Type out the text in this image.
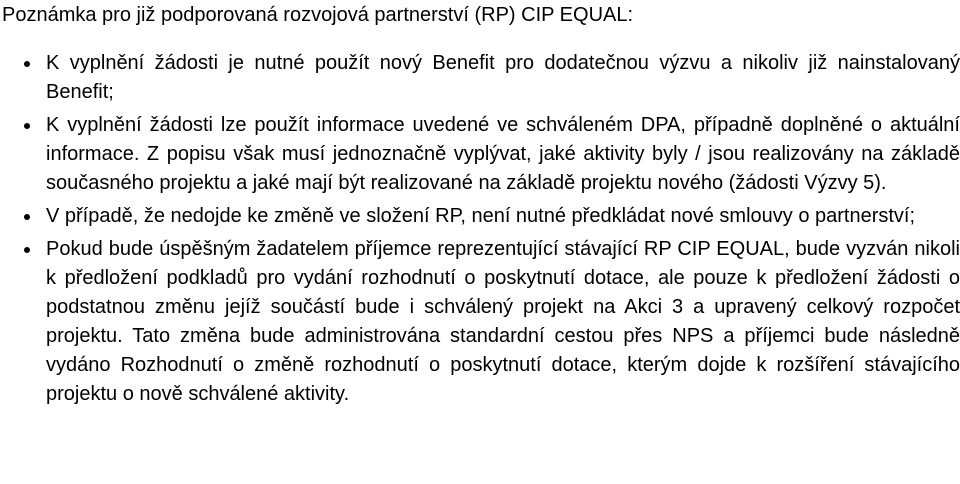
Poznámka pro již podporovaná rozvojová partnerství (RP) CIP EQUAL:

K vyplnění žádosti je nutné použít nový Benefit pro dodatečnou výzvu a nikoliv již nainstalovaný Benefit;
K vyplnění žádosti lze použít informace uvedené ve schváleném DPA, případně doplněné o aktuální informace. Z popisu však musí jednoznačně vyplývat, jaké aktivity byly / jsou realizovány na základě současného projektu a jaké mají být realizované na základě projektu nového (žádosti Výzvy 5).
V případě, že nedojde ke změně ve složení RP, není nutné předkládat nové smlouvy o partnerství;
Pokud bude úspěšným žadatelem příjemce reprezentující stávající RP CIP EQUAL, bude vyzván nikoli k předložení podkladů pro vydání rozhodnutí o poskytnutí dotace, ale pouze k předložení žádosti o podstatnou změnu jejíž součástí bude i schválený projekt na Akci 3 a upravený celkový rozpočet projektu. Tato změna bude administrována standardní cestou přes NPS a příjemci bude následně vydáno Rozhodnutí o změně rozhodnutí o poskytnutí dotace, kterým dojde k rozšíření stávajícího projektu o nově schválené aktivity.
